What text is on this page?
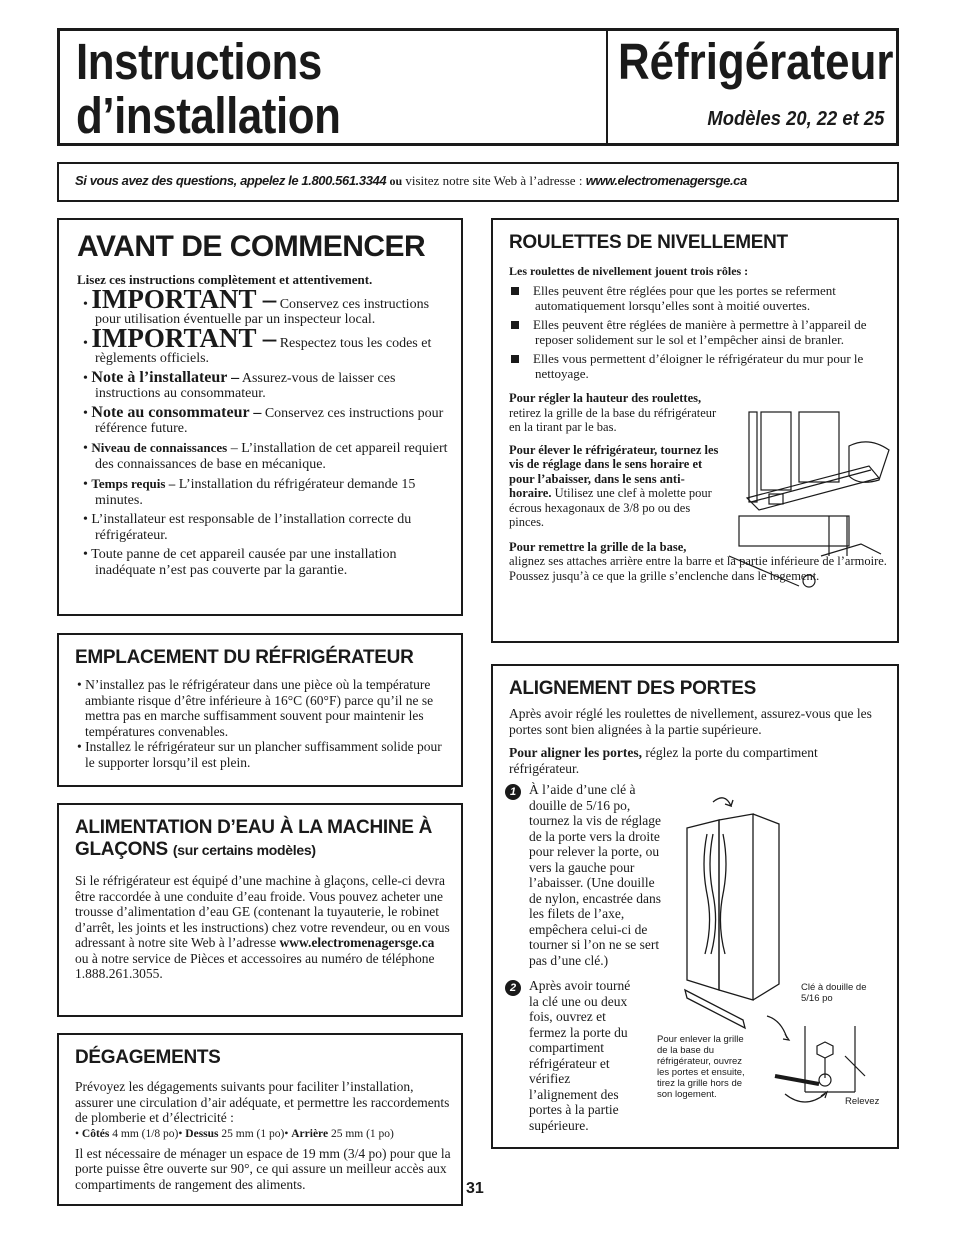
Instructions
d’installation
Réfrigérateur
Modèles 20, 22 et 25
Si vous avez des questions, appelez le 1.800.561.3344 ou visitez notre site Web à l’adresse : www.electromenagersge.ca
AVANT DE COMMENCER
Lisez ces instructions complètement et attentivement.
• IMPORTANT – Conservez ces instructions pour utilisation éventuelle par un inspecteur local.
• IMPORTANT – Respectez tous les codes et règlements officiels.
• Note à l’installateur – Assurez-vous de laisser ces instructions au consommateur.
• Note au consommateur – Conservez ces instructions pour référence future.
• Niveau de connaissances – L’installation de cet appareil requiert des connaissances de base en mécanique.
• Temps requis – L’installation du réfrigérateur demande 15 minutes.
• L’installateur est responsable de l’installation correcte du réfrigérateur.
• Toute panne de cet appareil causée par une installation inadéquate n’est pas couverte par la garantie.
EMPLACEMENT DU RÉFRIGÉRATEUR

• N’installez pas le réfrigérateur dans une pièce où la température ambiante risque d’être inférieure à 16°C (60°F) parce qu’il ne se mettra pas en marche suffisamment souvent pour maintenir les températures convenables.

• Installez le réfrigérateur sur un plancher suffisamment solide pour le supporter lorsqu’il est plein.

ALIMENTATION D’EAU À LA MACHINE À GLAÇONS (sur certains modèles)

Si le réfrigérateur est équipé d’une machine à glaçons, celle-ci devra être raccordée à une conduite d’eau froide. Vous pouvez acheter une trousse d’alimentation d’eau GE (contenant la tuyauterie, le robinet d’arrêt, les joints et les instructions) chez votre revendeur, ou en vous adressant à notre site Web à l’adresse www.electromenagersge.ca ou à notre service de Pièces et accessoires au numéro de téléphone 1.888.261.3055.

DÉGAGEMENTS

Prévoyez les dégagements suivants pour faciliter l’installation, assurer une circulation d’air adéquate, et permettre les raccordements de plomberie et d’électricité :

• Côtés 4 mm (1/8 po)• Dessus 25 mm (1 po)• Arrière 25 mm (1 po)

Il est nécessaire de ménager un espace de 19 mm (3/4 po) pour que la porte puisse être ouverte sur 90°, ce qui assure un meilleur accès aux compartiments de rangement des aliments.	31
ROULETTES DE NIVELLEMENT

Les roulettes de nivellement jouent trois rôles :

Elles peuvent être réglées pour que les portes se referment automatiquement lorsqu’elles sont à moitié ouvertes.

Elles peuvent être réglées de manière à permettre à l’appareil de reposer solidement sur le sol et l’empêcher ainsi de branler.

Elles vous permettent d’éloigner le réfrigérateur du mur pour le nettoyage.

Pour régler la hauteur des roulettes, retirez la grille de la base du réfrigérateur en la tirant par le bas.

Pour élever le réfrigérateur, tournez les vis de réglage dans le sens horaire et pour l’abaisser, dans le sens anti-horaire. Utilisez une clef à molette pour écrous hexagonaux de 3/8 po ou des pinces.

Pour remettre la grille de la base,
alignez ses attaches arrière entre la barre et la partie inférieure de l’armoire. Poussez jusqu’à ce que la grille s’enclenche dans le logement.

ALIGNEMENT DES PORTES

Après avoir réglé les roulettes de nivellement, assurez-vous que les portes sont bien alignées à la partie supérieure.

Pour aligner les portes, réglez la porte du compartiment réfrigérateur.

1 À l’aide d’une clé à douille de 5/16 po, tournez la vis de réglage de la porte vers la droite pour relever la porte, ou vers la gauche pour l’abaisser. (Une douille de nylon, encastrée dans les filets de l’axe, empêchera celui-ci de tourner si l’on ne se sert pas d’une clé.)

2 Après avoir tourné la clé une ou deux fois, ouvrez et fermez la porte du compartiment réfrigérateur et vérifiez l’alignement des portes à la partie supérieure.

Clé à douille de 5/16 po
Pour enlever la grille de la base du réfrigérateur, ouvrez les portes et ensuite, tirez la grille hors de son logement.
Relevez
